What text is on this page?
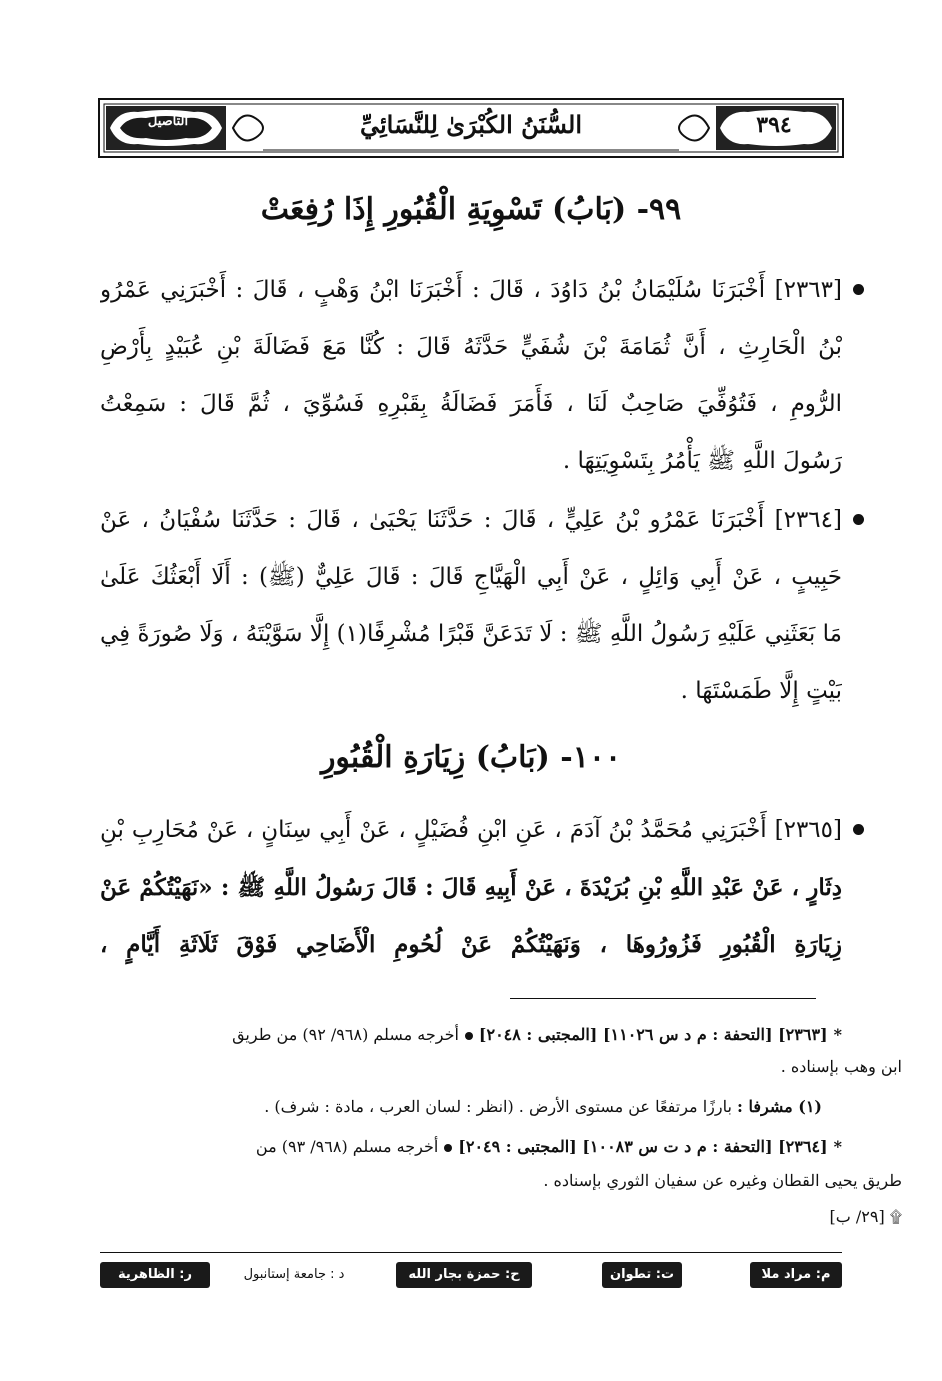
٣٩٤
السُّنَنُ الكُبْرَىٰ لِلنَّسَائِيِّ
التأصيل
٩٩- (بَابُ) تَسْوِيَةِ الْقُبُورِ إِذَا رُفِعَتْ
[٢٣٦٣] أَخْبَرَنَا سُلَيْمَانُ بْنُ دَاوُدَ ، قَالَ : أَخْبَرَنَا ابْنُ وَهْبٍ ، قَالَ : أَخْبَرَنِي عَمْرُو
بْنُ الْحَارِثِ ، أَنَّ ثُمَامَةَ بْنَ شُفَيٍّ حَدَّثَهُ قَالَ : كُنَّا مَعَ فَضَالَةَ بْنِ عُبَيْدٍ بِأَرْضِ
الرُّومِ ، فَتُوُفِّيَ صَاحِبٌ لَنَا ، فَأَمَرَ فَضَالَةُ بِقَبْرِهِ فَسُوِّيَ ، ثُمَّ قَالَ : سَمِعْتُ
رَسُولَ اللَّهِ ﷺ يَأْمُرُ بِتَسْوِيَتِهَا .
[٢٣٦٤] أَخْبَرَنَا عَمْرُو بْنُ عَلِيٍّ ، قَالَ : حَدَّثَنَا يَحْيَىٰ ، قَالَ : حَدَّثَنَا سُفْيَانُ ، عَنْ
حَبِيبٍ ، عَنْ أَبِي وَائِلٍ ، عَنْ أَبِي الْهَيَّاجِ قَالَ : قَالَ عَلِيٌّ (ﷺ) : أَلَا أَبْعَثُكَ عَلَىٰ
مَا بَعَثَنِي عَلَيْهِ رَسُولُ اللَّهِ ﷺ : لَا تَدَعَنَّ قَبْرًا مُشْرِفًا(١) إِلَّا سَوَّيْتَهُ ، وَلَا صُورَةً فِي
بَيْتٍ إِلَّا طَمَسْتَهَا .
١٠٠- (بَابُ) زِيَارَةِ الْقُبُورِ
[٢٣٦٥] أَخْبَرَنِي مُحَمَّدُ بْنُ آدَمَ ، عَنِ ابْنِ فُضَيْلٍ ، عَنْ أَبِي سِنَانٍ ، عَنْ مُحَارِبِ بْنِ
دِثَارٍ ، عَنْ عَبْدِ اللَّهِ بْنِ بُرَيْدَةَ ، عَنْ أَبِيهِ قَالَ : قَالَ رَسُولُ اللَّهِ ﷺ : «نَهَيْتُكُمْ عَنْ
زِيَارَةِ الْقُبُورِ فَزُورُوهَا ، وَنَهَيْتُكُمْ عَنْ لُحُومِ الْأَضَاحِي فَوْقَ ثَلَاثَةِ أَيَّامٍ ،
*[٢٣٦٣] [التحفة : م د س ١١٠٢٦] [المجتبى : ٢٠٤٨]أخرجه مسلم (٩٦٨/ ٩٢) من طريق
ابن وهب بإسناده .
(١) مشرفا : بارزًا مرتفعًا عن مستوى الأرض . (انظر : لسان العرب ، مادة : شرف) .
*[٢٣٦٤] [التحفة : م د ت س ١٠٠٨٣] [المجتبى : ٢٠٤٩]أخرجه مسلم (٩٦٨/ ٩٣) من
طريق يحيى القطان وغيره عن سفيان الثوري بإسناده .
۩ [٢٩/ ب]
م: مراد ملا
ت: تطوان
ح: حمزة بجار الله
د : جامعة إستانبول
ر: الظاهرية
